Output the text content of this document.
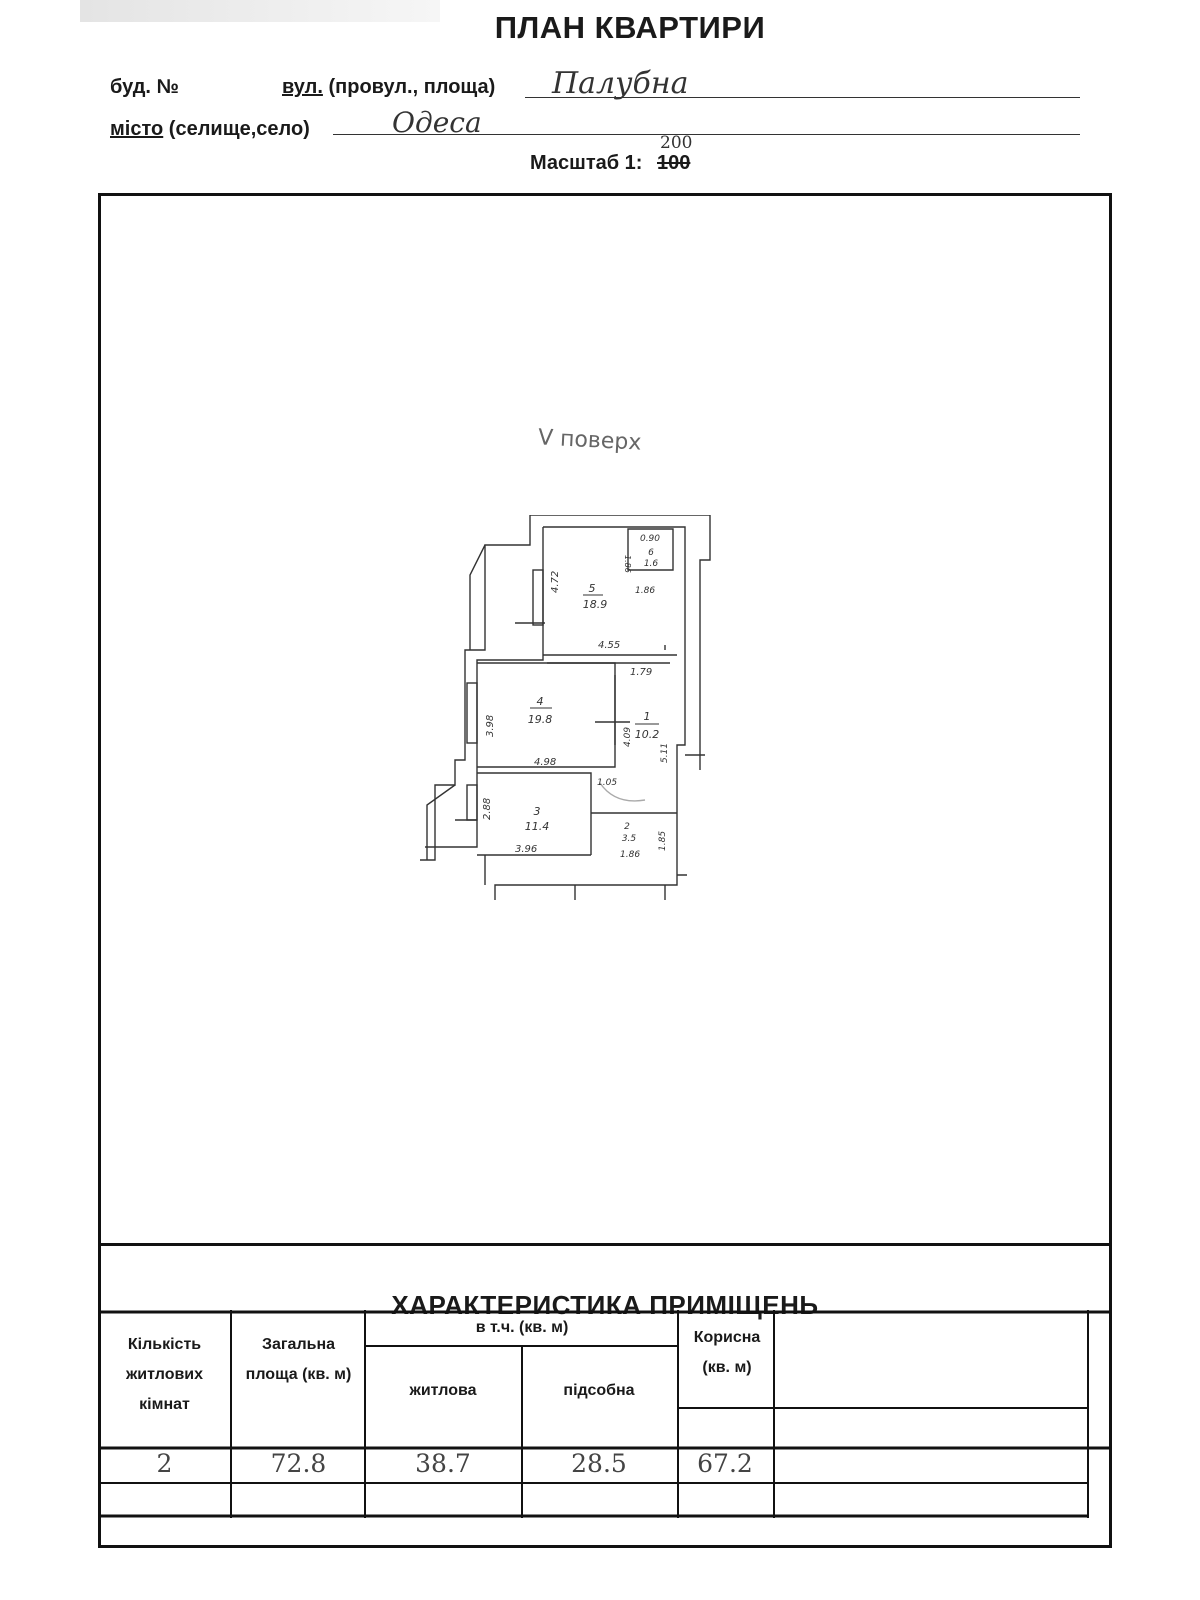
ПЛАН КВАРТИРИ
буд. №	вул. (провул., площа) Палубна
місто (селище,село)	Одеса
Масштаб 1: 100
200
V поверх
5
18.9
0.90
6
1.6
1.86
4.72	1.86
4.55
1.79
4
19.8
3.98
4.98
1
10.2
4.09
5.11
1.05
3
11.4
2.88
3.96
2
3.5
1.86
1.85
ХАРАКТЕРИСТИКА ПРИМІЩЕНЬ
Кількість житлових кімнат
Загальна площа (кв. м)
в т.ч. (кв. м)
житлова	підсобна
Корисна (кв. м)
2	72.8	38.7	28.5	67.2
